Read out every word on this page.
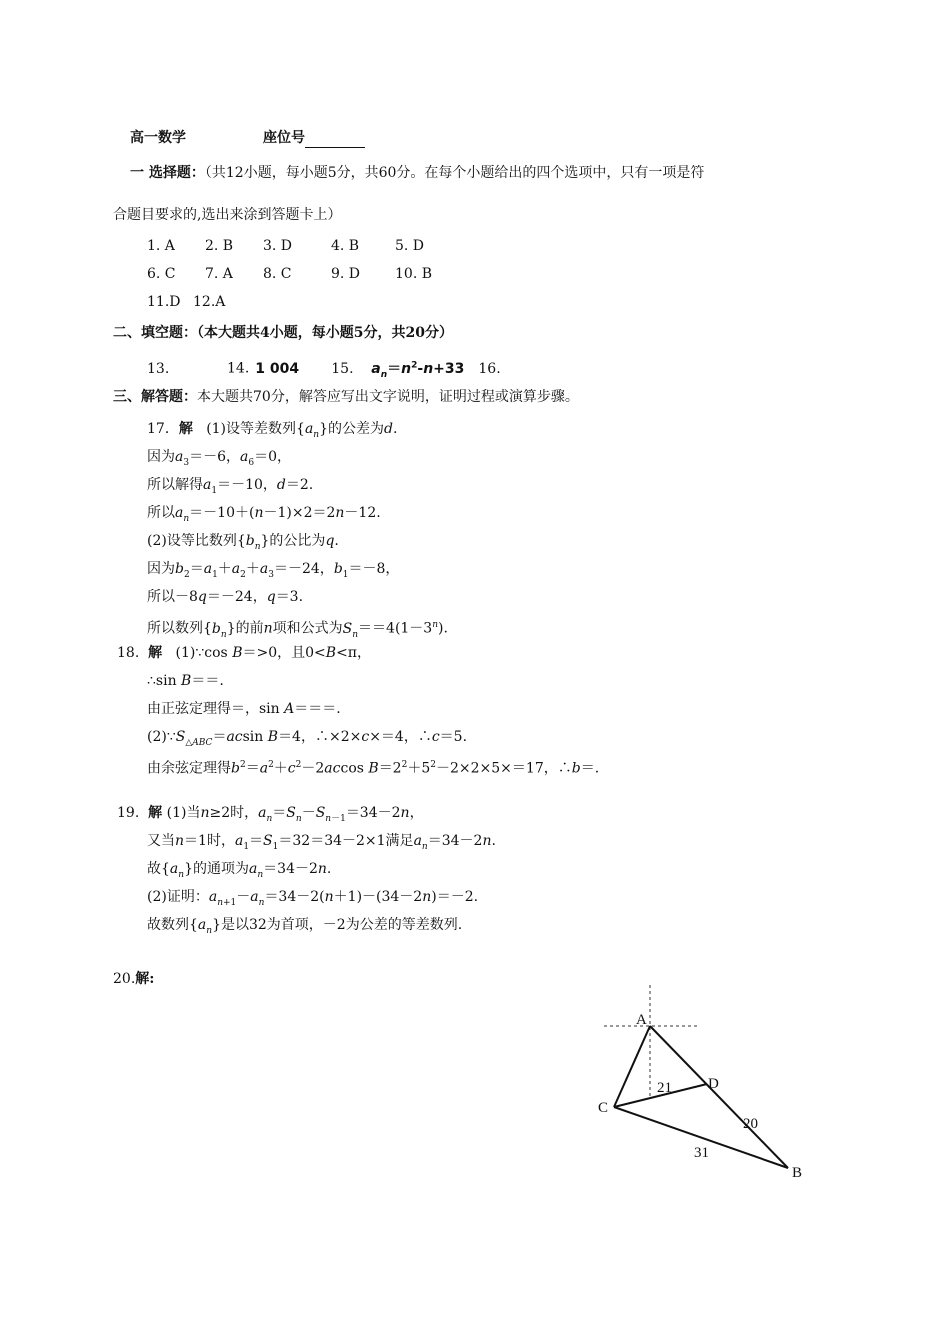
高一数学	座位号
一 选择题：（共12小题，每小题5分，共60分。在每个小题给出的四个选项中，只有一项是符
合题目要求的,选出来涂到答题卡上）
1. A 2. B 3. D	4. B	5. D
6. C 7. A 8. C	9. D 10. B
11.D 12.A
二、填空题：（本大题共4小题，每小题5分，共20分）
13.	14. 1 004 15. $a_n=n^2-n+33$ 16.
三、解答题：本大题共70分，解答应写出文字说明，证明过程或演算步骤。
17．解 (1)设等差数列$\{a_n\}$的公差为d.
因为$a_3=-6$，$a_6=0$，
所以解得$a_1=-10$，d＝2.
所以$a_n=-10+(n-1)\times 2=2n-12$.
(2)设等比数列$\{b_n\}$的公比为q.
因为$b_2=a_1+a_2+a_3=-24$，$b_1=-8$，
所以－8q＝－24，q＝3.
所以数列$\{b_n\}$的前n项和公式为$S_n==4(1-3^n)$.
18. 解 (1)∵cos B＝>0，且0<B<π，
∴sin B＝＝.
由正弦定理得＝，sin A＝＝＝.
$(2)\because S_{\triangle ABC}=acsin$ B＝4，∴×2×c×＝4，∴c＝5.
由余弦定理得$b^2=a^2+c^2-2accos$ $B=2^2+5^2-2\times 2\times 5\times=17$，∴b＝.
19. 解 (1)当n≥2时，$a_n=S_n-S_{n-1}=34-2n$，
又当n＝1时，$a_1=S_1=32=34-2\times 1$满足$a_n=34-2n$.
故$\{a_n\}$的通项为$a_n=34-2n$.
(2)证明：$a_{n+1}-a_n=34-2(n+1)-(34-2n)=-2$.
故数列$\{a_n\}$是以32为首项，－2为公差的等差数列.
20.解:
A
B
C
D
21
20
31
